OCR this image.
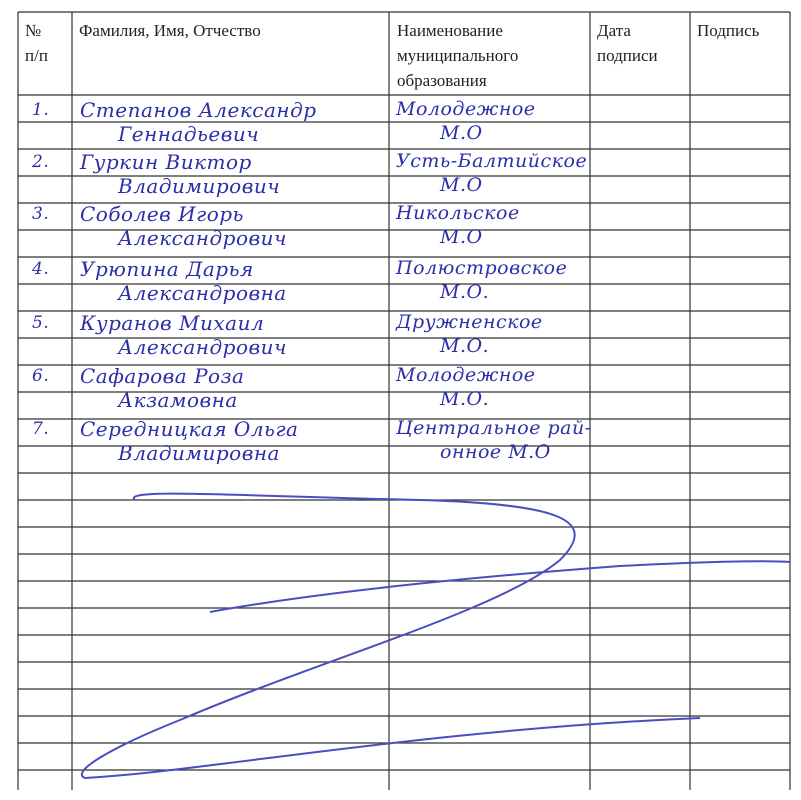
№
п/п
Фамилия, Имя, Отчество	Наименование
муниципального
образования
Дата
подписи
Подпись
1. Степанов Александр
Геннадьевич
Молодежное
М.О
2. Гуркин Виктор
Владимирович
Усть-Балтийское
М.О
3. Соболев Игорь
Александрович
Никольское
М.О
4. Урюпина Дарья
Александровна
Полюстровское
М.О.
5. Куранов Михаил
Александрович
Дружненское
М.О.
6. Сафарова Роза
Акзамовна
Молодежное
М.О.
7. Середницкая Ольга
Владимировна
Центральное рай-
онное М.О
